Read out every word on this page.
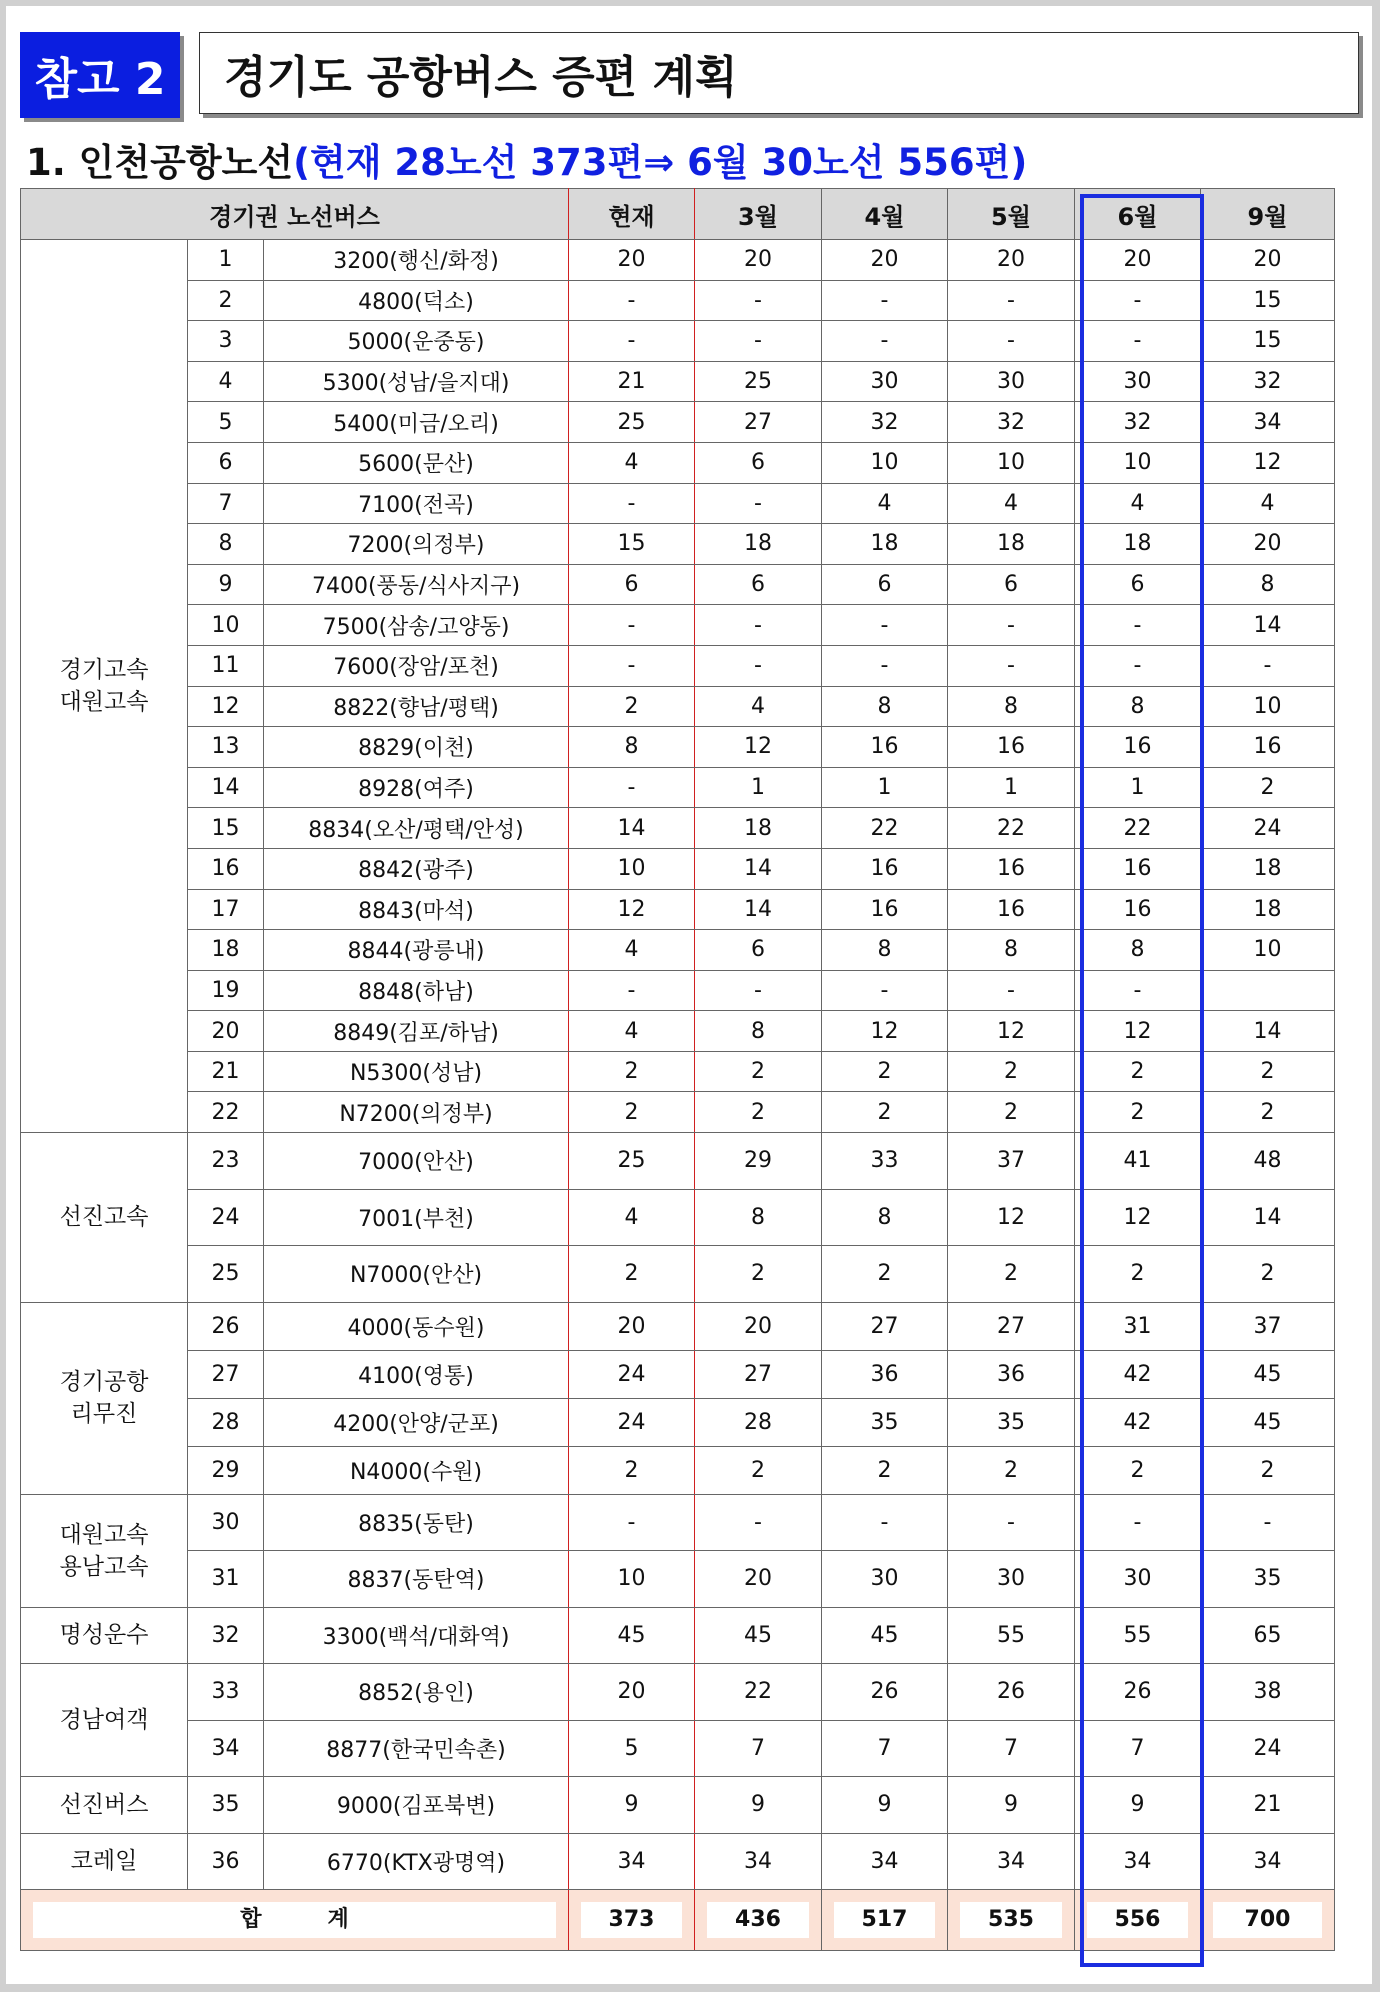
참고 2	경기도 공항버스 증편 계획
1. 인천공항노선(현재 28노선 373편⇒ 6월 30노선 556편)
경기권 노선버스			현재	3월	4월	5월	6월	9월

경기고속
대원고속	1	3200(행신/화정)	20	20	20	20	20	20
	2	4800(덕소)	-	-	-	-	-	15
	3	5000(운중동)	-	-	-	-	-	15
	4	5300(성남/을지대)	21	25	30	30	30	32
	5	5400(미금/오리)	25	27	32	32	32	34
	6	5600(문산)	4	6	10	10	10	12
	7	7100(전곡)	-	-	4	4	4	4
	8	7200(의정부)	15	18	18	18	18	20
	9	7400(풍동/식사지구)	6	6	6	6	6	8
	10	7500(삼송/고양동)	-	-	-	-	-	14
	11	7600(장암/포천)	-	-	-	-	-	-
	12	8822(향남/평택)	2	4	8	8	8	10
	13	8829(이천)	8	12	16	16	16	16
	14	8928(여주)	-	1	1	1	1	2
	15	8834(오산/평택/안성)	14	18	22	22	22	24
	16	8842(광주)	10	14	16	16	16	18
	17	8843(마석)	12	14	16	16	16	18
	18	8844(광릉내)	4	6	8	8	8	10
	19	8848(하남)	-	-	-	-	-	
	20	8849(김포/하남)	4	8	12	12	12	14
	21	N5300(성남)	2	2	2	2	2	2
	22	N7200(의정부)	2	2	2	2	2	2

선진고속	23	7000(안산)	25	29	33	37	41	48
	24	7001(부천)	4	8	8	12	12	14
	25	N7000(안산)	2	2	2	2	2	2

경기공항
리무진	26	4000(동수원)	20	20	27	27	31	37
	27	4100(영통)	24	27	36	36	42	45
	28	4200(안양/군포)	24	28	35	35	42	45
	29	N4000(수원)	2	2	2	2	2	2

대원고속
용남고속	30	8835(동탄)	-	-	-	-	-	-
	31	8837(동탄역)	10	20	30	30	30	35

명성운수	32	3300(백석/대화역)	45	45	45	55	55	65

경남여객	33	8852(용인)	20	22	26	26	26	38
	34	8877(한국민속촌)	5	7	7	7	7	24

선진버스	35	9000(김포북변)	9	9	9	9	9	21

코레일	36	6770(KTX광명역)	34	34	34	34	34	34

합　　　계			373	436	517	535	556	700
